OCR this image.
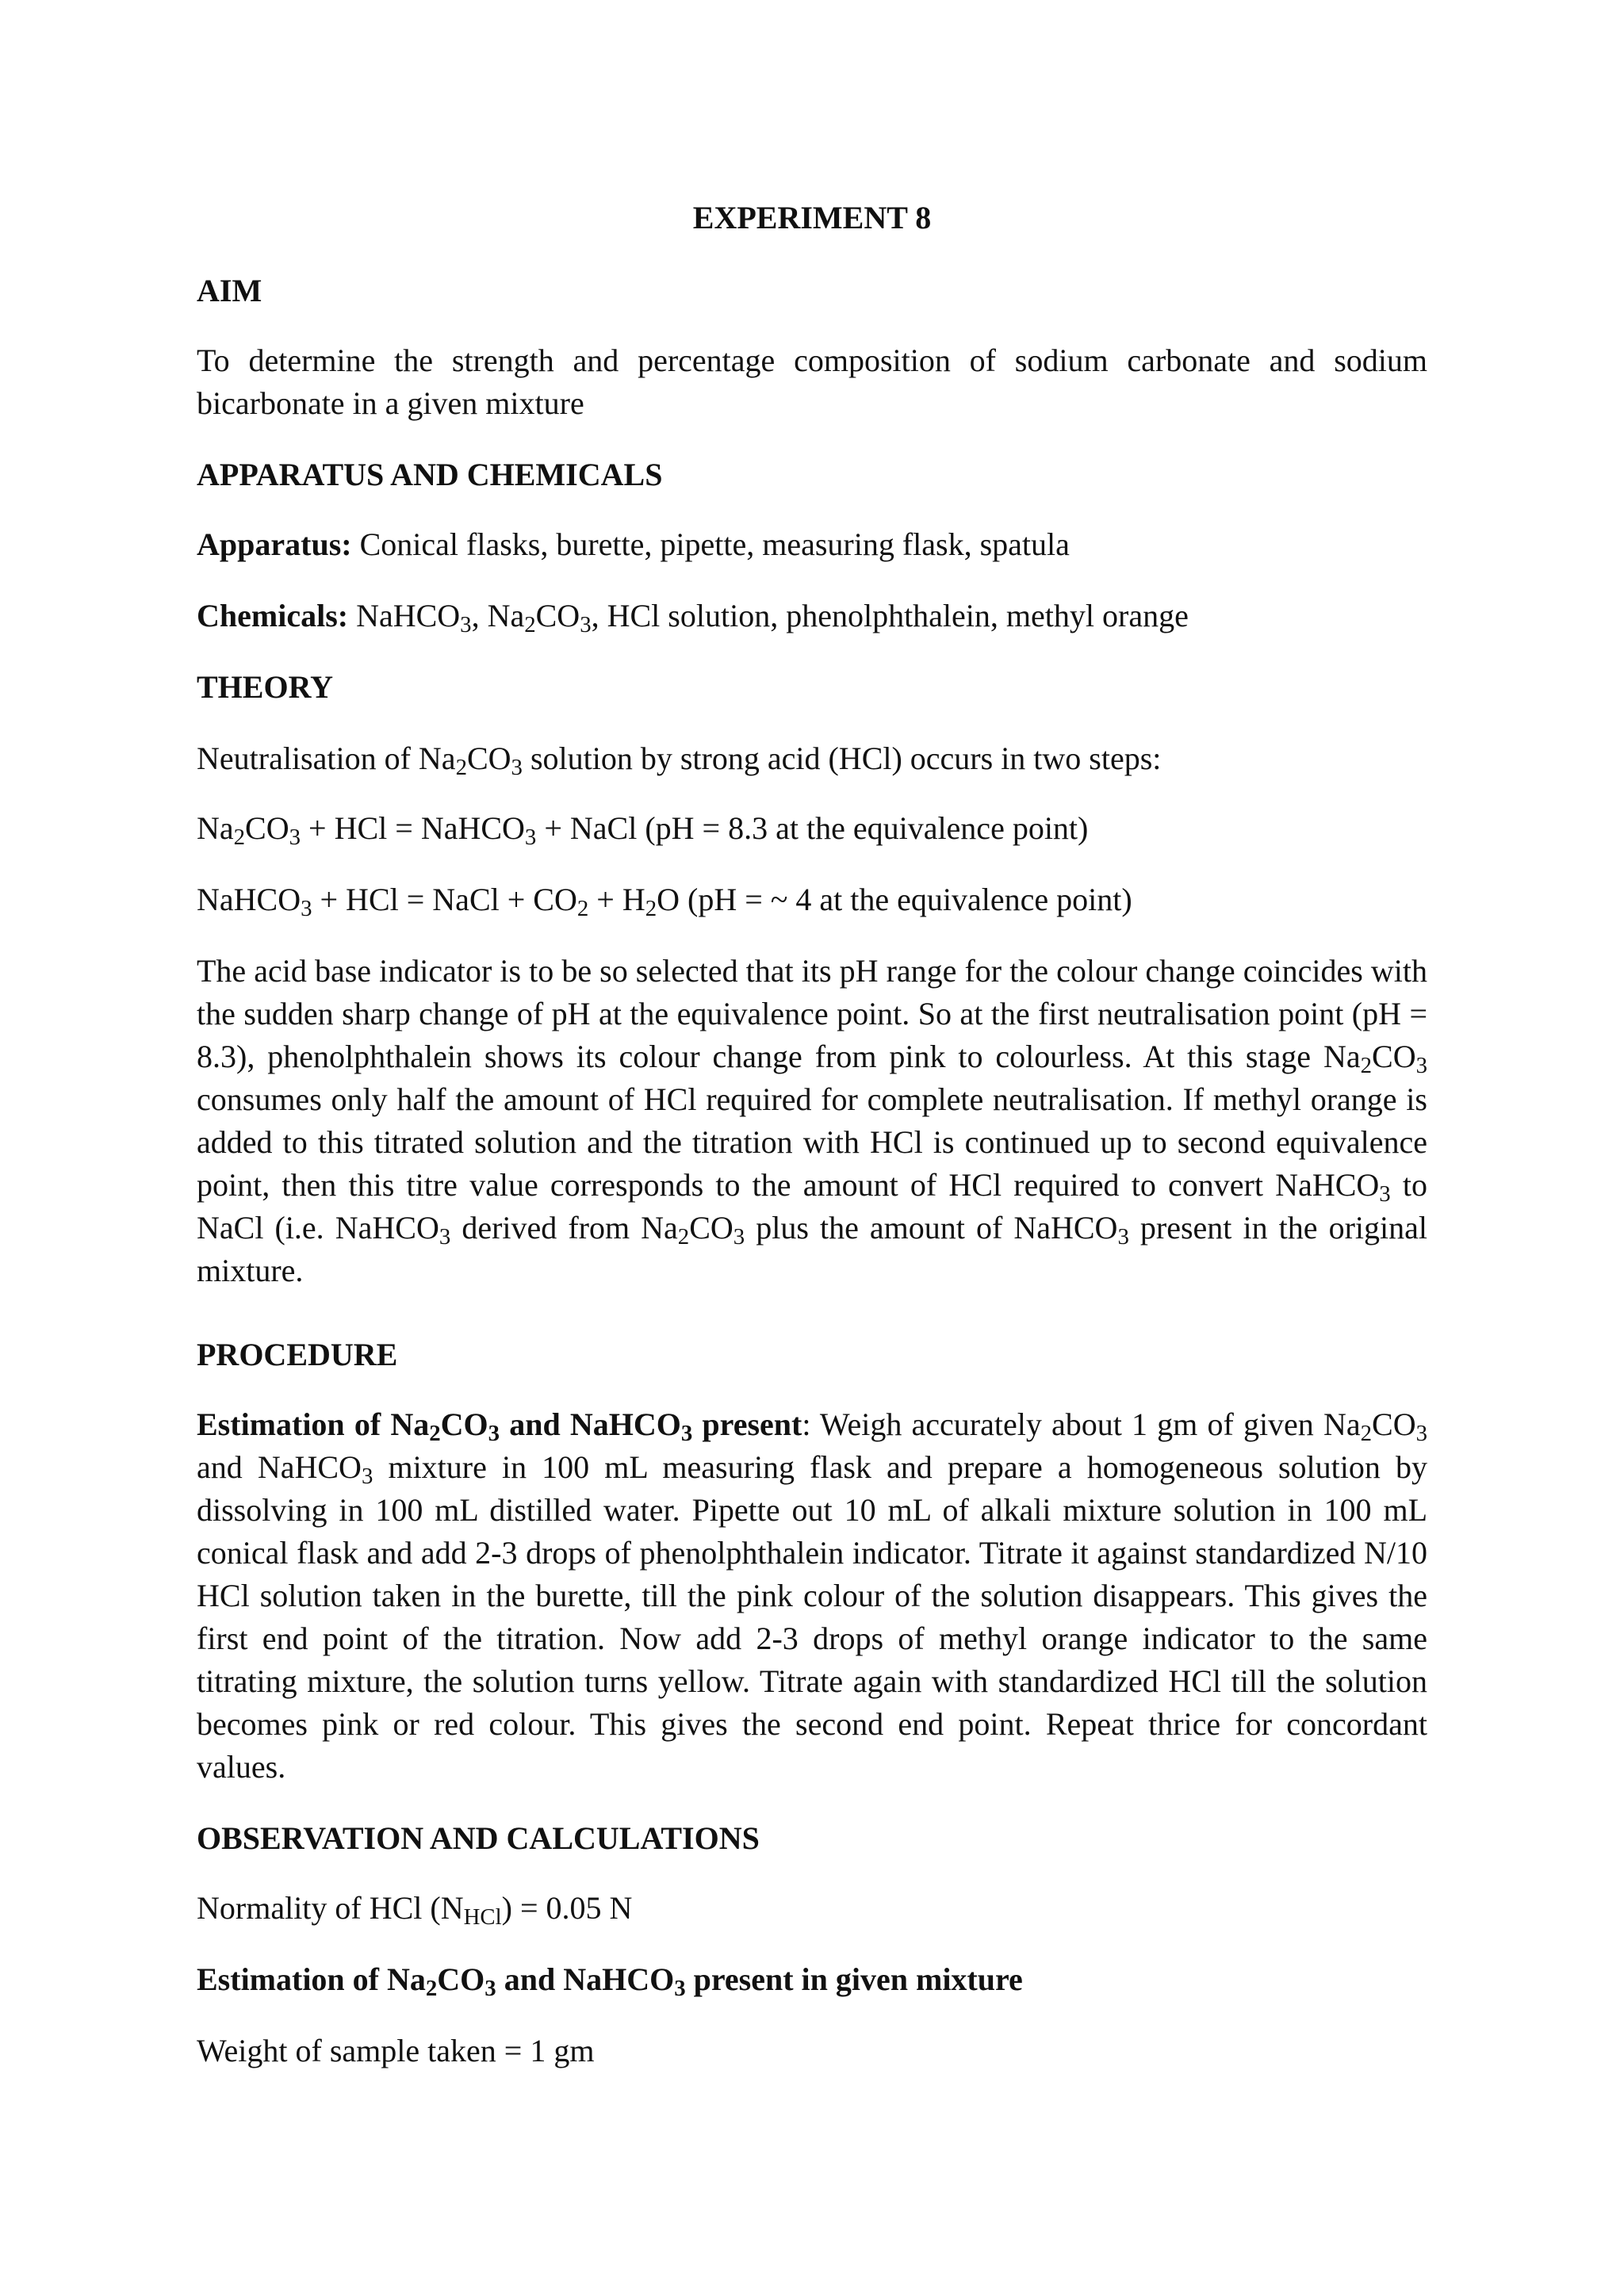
EXPERIMENT 8
AIM
To determine the strength and percentage composition of sodium carbonate and sodium bicarbonate in a given mixture
APPARATUS AND CHEMICALS
Apparatus: Conical flasks, burette, pipette, measuring flask, spatula
Chemicals: NaHCO$_3$, $Na_2CO_3$, HCl solution, phenolphthalein, methyl orange
THEORY
Neutralisation of $Na_2CO_3$ solution by strong acid (HCl) occurs in two steps:
$Na_2CO_3$ + HCl = NaHCO$_3$ + NaCl (pH = 8.3 at the equivalence point)
NaHCO$_3$ + HCl = NaCl + $CO_2 + H_2O$ (pH = ~ 4 at the equivalence point)
The acid base indicator is to be so selected that its pH range for the colour change coincides with the sudden sharp change of pH at the equivalence point. So at the first neutralisation point (pH = 8.3), phenolphthalein shows its colour change from pink to colourless. At this stage $Na_2CO_3$ consumes only half the amount of HCl required for complete neutralisation. If methyl orange is added to this titrated solution and the titration with HCl is continued up to second equivalence point, then this titre value corresponds to the amount of HCl required to convert NaHCO$_3$ to NaCl (i.e. NaHCO$_3$ derived from $Na_2CO_3$ plus the amount of NaHCO$_3$ present in the original mixture.
PROCEDURE
Estimation of $Na_2CO_3$ and NaHCO$_3$ present: Weigh accurately about 1 gm of given $Na_2CO_3$ and NaHCO$_3$ mixture in 100 mL measuring flask and prepare a homogeneous solution by dissolving in 100 mL distilled water. Pipette out 10 mL of alkali mixture solution in 100 mL conical flask and add 2-3 drops of phenolphthalein indicator. Titrate it against standardized N/10 HCl solution taken in the burette, till the pink colour of the solution disappears. This gives the first end point of the titration. Now add 2-3 drops of methyl orange indicator to the same titrating mixture, the solution turns yellow. Titrate again with standardized HCl till the solution becomes pink or red colour. This gives the second end point. Repeat thrice for concordant values.
OBSERVATION AND CALCULATIONS
Normality of HCl $(N_{HCl}) = 0.05$ N
Estimation of $Na_2CO_3$ and NaHCO$_3$ present in given mixture
Weight of sample taken = 1 gm
